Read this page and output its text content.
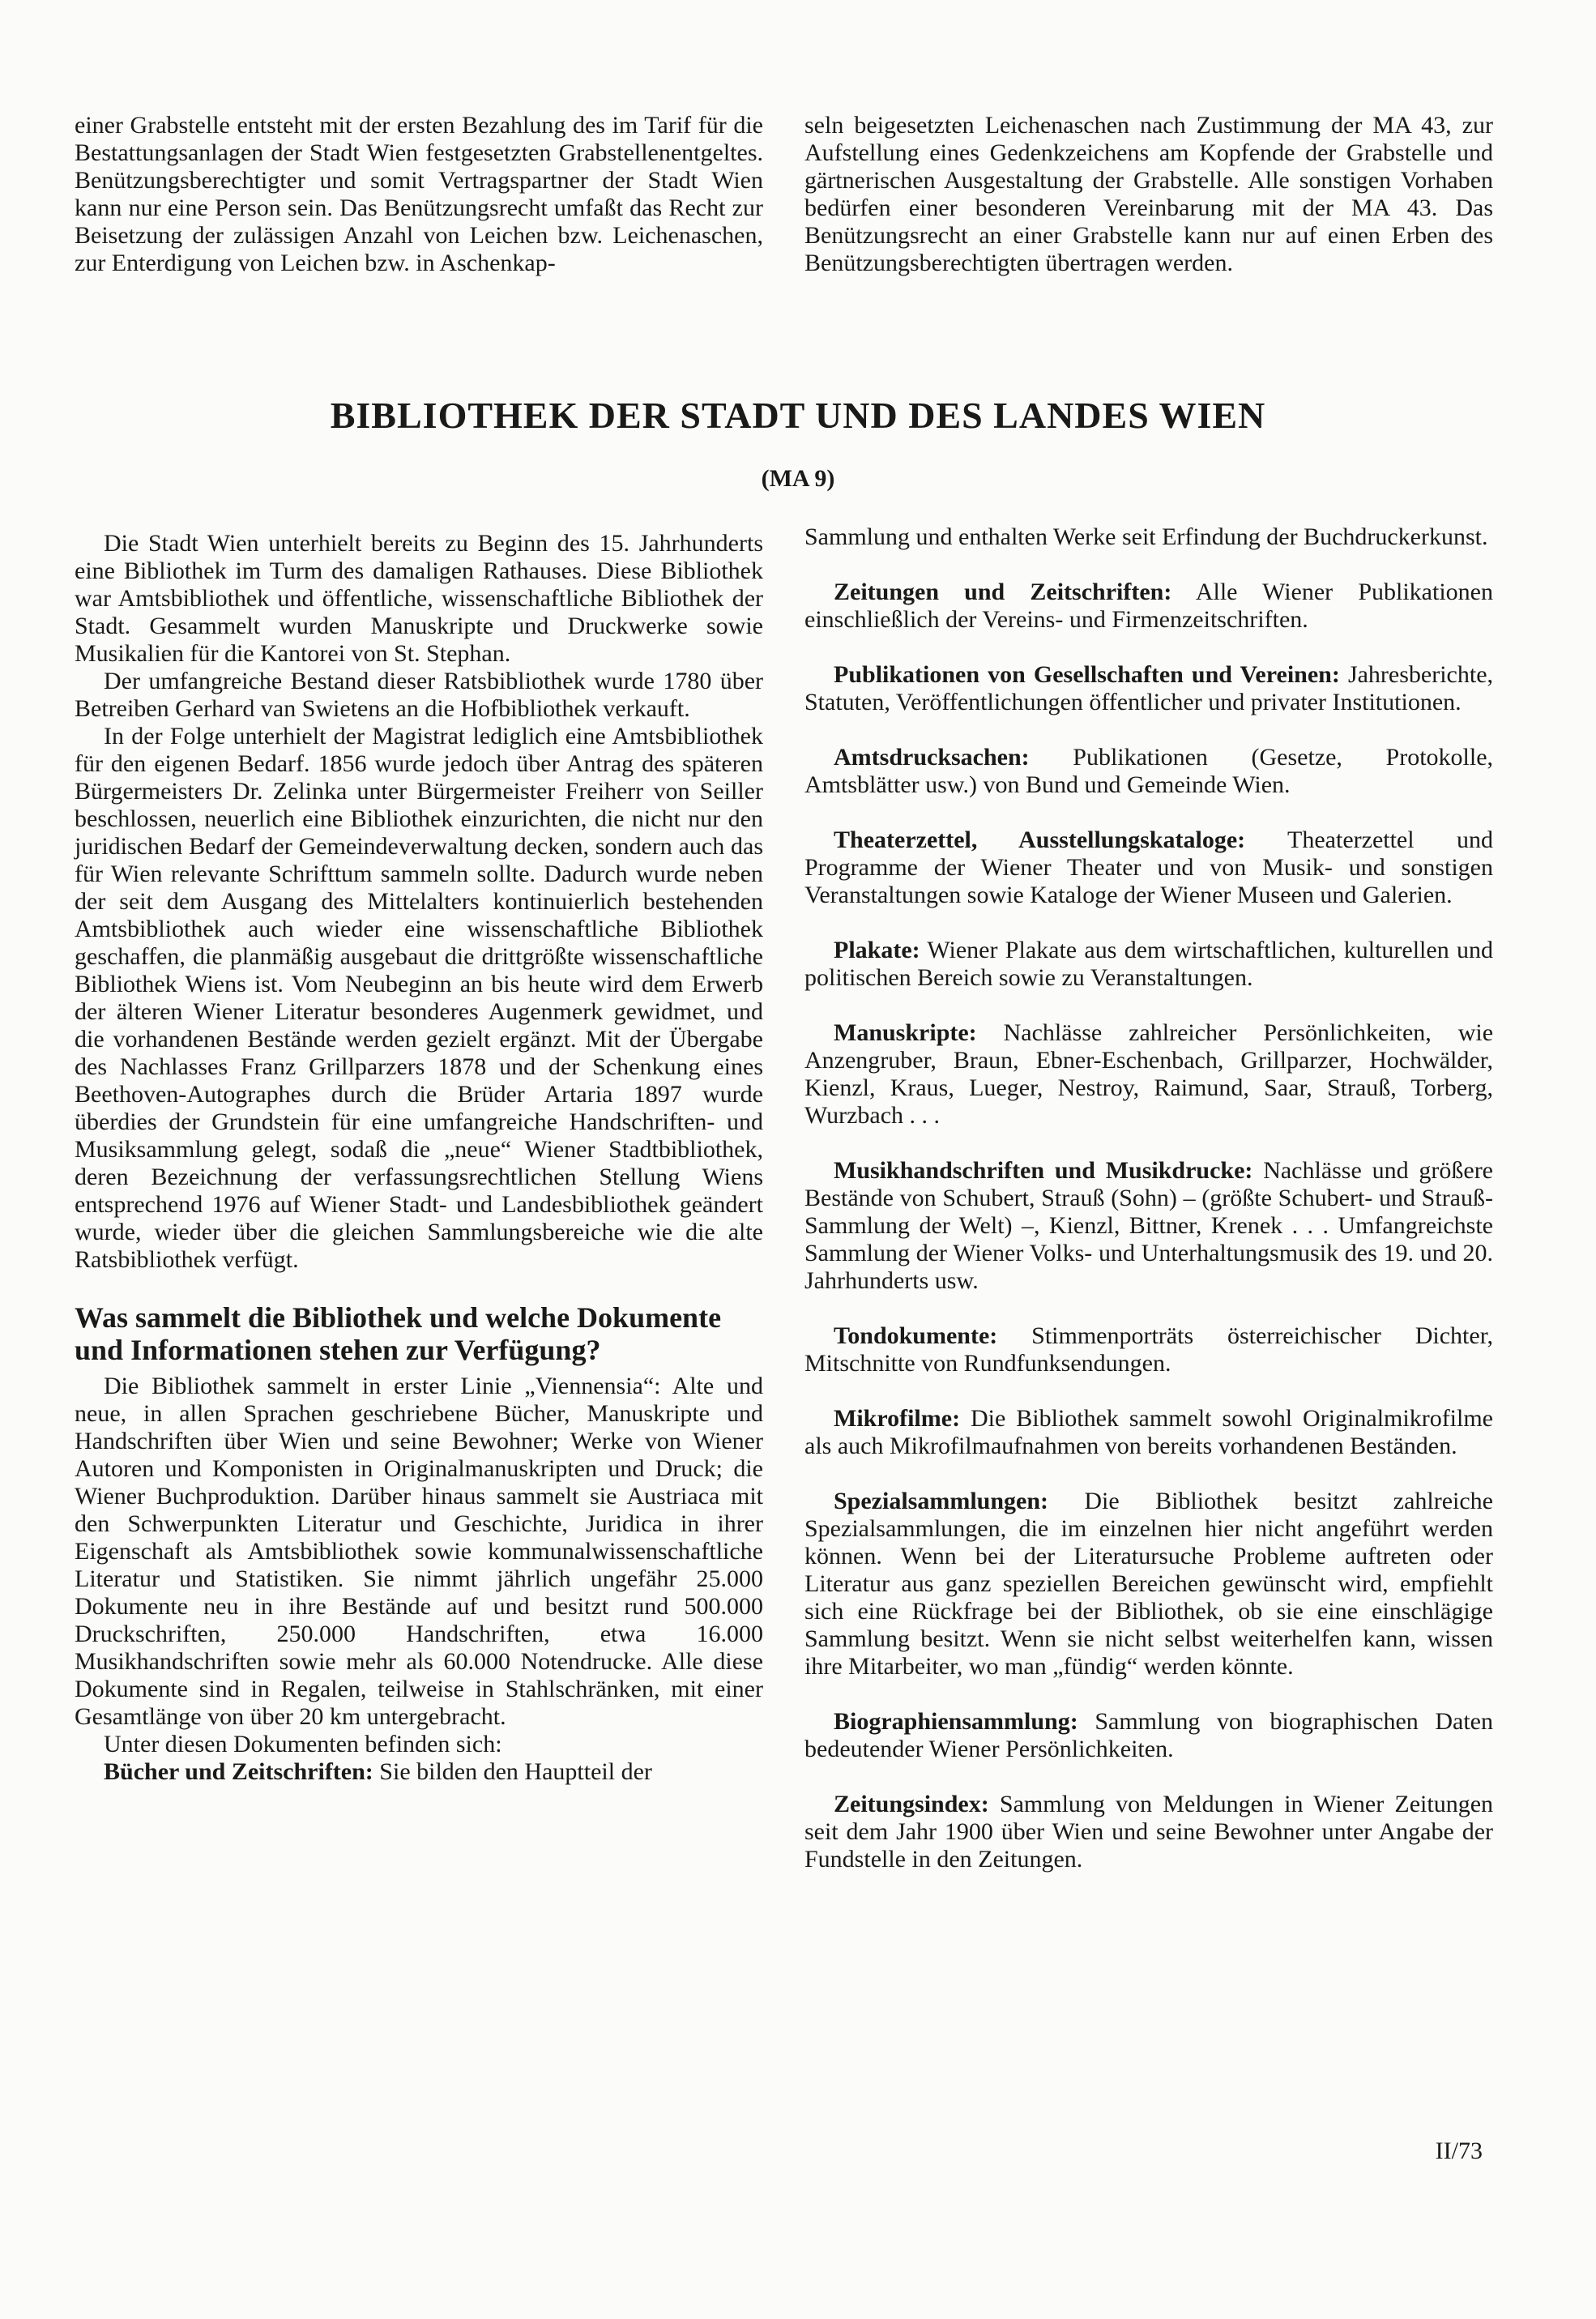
einer Grabstelle entsteht mit der ersten Bezahlung des im Tarif für die Bestattungsanlagen der Stadt Wien festgesetzten Grabstellenentgeltes. Benützungsberechtigter und somit Vertragspartner der Stadt Wien kann nur eine Person sein. Das Benützungsrecht umfaßt das Recht zur Beisetzung der zulässigen Anzahl von Leichen bzw. Leichenaschen, zur Enterdigung von Leichen bzw. in Aschenkap-

seln beigesetzten Leichenaschen nach Zustimmung der MA 43, zur Aufstellung eines Gedenkzeichens am Kopfende der Grabstelle und gärtnerischen Ausgestaltung der Grabstelle. Alle sonstigen Vorhaben bedürfen einer besonderen Vereinbarung mit der MA 43. Das Benützungsrecht an einer Grabstelle kann nur auf einen Erben des Benützungsberechtigten übertragen werden.

BIBLIOTHEK DER STADT UND DES LANDES WIEN
(MA 9)

Die Stadt Wien unterhielt bereits zu Beginn des 15. Jahrhunderts eine Bibliothek im Turm des damaligen Rathauses. Diese Bibliothek war Amtsbibliothek und öffentliche, wissenschaftliche Bibliothek der Stadt. Gesammelt wurden Manuskripte und Druckwerke sowie Musikalien für die Kantorei von St. Stephan.

Der umfangreiche Bestand dieser Ratsbibliothek wurde 1780 über Betreiben Gerhard van Swietens an die Hofbibliothek verkauft.

In der Folge unterhielt der Magistrat lediglich eine Amtsbibliothek für den eigenen Bedarf. 1856 wurde jedoch über Antrag des späteren Bürgermeisters Dr. Zelinka unter Bürgermeister Freiherr von Seiller beschlossen, neuerlich eine Bibliothek einzurichten, die nicht nur den juridischen Bedarf der Gemeindeverwaltung decken, sondern auch das für Wien relevante Schrifttum sammeln sollte. Dadurch wurde neben der seit dem Ausgang des Mittelalters kontinuierlich bestehenden Amtsbibliothek auch wieder eine wissenschaftliche Bibliothek geschaffen, die planmäßig ausgebaut die drittgrößte wissenschaftliche Bibliothek Wiens ist. Vom Neubeginn an bis heute wird dem Erwerb der älteren Wiener Literatur besonderes Augenmerk gewidmet, und die vorhandenen Bestände werden gezielt ergänzt. Mit der Übergabe des Nachlasses Franz Grillparzers 1878 und der Schenkung eines Beethoven-Autographes durch die Brüder Artaria 1897 wurde überdies der Grundstein für eine umfangreiche Handschriften- und Musiksammlung gelegt, sodaß die „neue“ Wiener Stadtbibliothek, deren Bezeichnung der verfassungsrechtlichen Stellung Wiens entsprechend 1976 auf Wiener Stadt- und Landesbibliothek geändert wurde, wieder über die gleichen Sammlungsbereiche wie die alte Ratsbibliothek verfügt.

Was sammelt die Bibliothek und welche Dokumente und Informationen stehen zur Verfügung?

Die Bibliothek sammelt in erster Linie „Viennensia“: Alte und neue, in allen Sprachen geschriebene Bücher, Manuskripte und Handschriften über Wien und seine Bewohner; Werke von Wiener Autoren und Komponisten in Originalmanuskripten und Druck; die Wiener Buchproduktion. Darüber hinaus sammelt sie Austriaca mit den Schwerpunkten Literatur und Geschichte, Juridica in ihrer Eigenschaft als Amtsbibliothek sowie kommunalwissenschaftliche Literatur und Statistiken. Sie nimmt jährlich ungefähr 25.000 Dokumente neu in ihre Bestände auf und besitzt rund 500.000 Druckschriften, 250.000 Handschriften, etwa 16.000 Musikhandschriften sowie mehr als 60.000 Notendrucke. Alle diese Dokumente sind in Regalen, teilweise in Stahlschränken, mit einer Gesamtlänge von über 20 km untergebracht.

Unter diesen Dokumenten befinden sich:

Bücher und Zeitschriften: Sie bilden den Hauptteil der

Sammlung und enthalten Werke seit Erfindung der Buchdruckerkunst.

Zeitungen und Zeitschriften: Alle Wiener Publikationen einschließlich der Vereins- und Firmenzeitschriften.

Publikationen von Gesellschaften und Vereinen: Jahresberichte, Statuten, Veröffentlichungen öffentlicher und privater Institutionen.

Amtsdrucksachen: Publikationen (Gesetze, Protokolle, Amtsblätter usw.) von Bund und Gemeinde Wien.

Theaterzettel, Ausstellungskataloge: Theaterzettel und Programme der Wiener Theater und von Musik- und sonstigen Veranstaltungen sowie Kataloge der Wiener Museen und Galerien.

Plakate: Wiener Plakate aus dem wirtschaftlichen, kulturellen und politischen Bereich sowie zu Veranstaltungen.

Manuskripte: Nachlässe zahlreicher Persönlichkeiten, wie Anzengruber, Braun, Ebner-Eschenbach, Grillparzer, Hochwälder, Kienzl, Kraus, Lueger, Nestroy, Raimund, Saar, Strauß, Torberg, Wurzbach . . .

Musikhandschriften und Musikdrucke: Nachlässe und größere Bestände von Schubert, Strauß (Sohn) – (größte Schubert- und Strauß-Sammlung der Welt) –, Kienzl, Bittner, Krenek . . . Umfangreichste Sammlung der Wiener Volks- und Unterhaltungsmusik des 19. und 20. Jahrhunderts usw.

Tondokumente: Stimmenporträts österreichischer Dichter, Mitschnitte von Rundfunksendungen.

Mikrofilme: Die Bibliothek sammelt sowohl Originalmikrofilme als auch Mikrofilmaufnahmen von bereits vorhandenen Beständen.

Spezialsammlungen: Die Bibliothek besitzt zahlreiche Spezialsammlungen, die im einzelnen hier nicht angeführt werden können. Wenn bei der Literatursuche Probleme auftreten oder Literatur aus ganz speziellen Bereichen gewünscht wird, empfiehlt sich eine Rückfrage bei der Bibliothek, ob sie eine einschlägige Sammlung besitzt. Wenn sie nicht selbst weiterhelfen kann, wissen ihre Mitarbeiter, wo man „fündig“ werden könnte.

Biographiensammlung: Sammlung von biographischen Daten bedeutender Wiener Persönlichkeiten.

Zeitungsindex: Sammlung von Meldungen in Wiener Zeitungen seit dem Jahr 1900 über Wien und seine Bewohner unter Angabe der Fundstelle in den Zeitungen.

II/73
